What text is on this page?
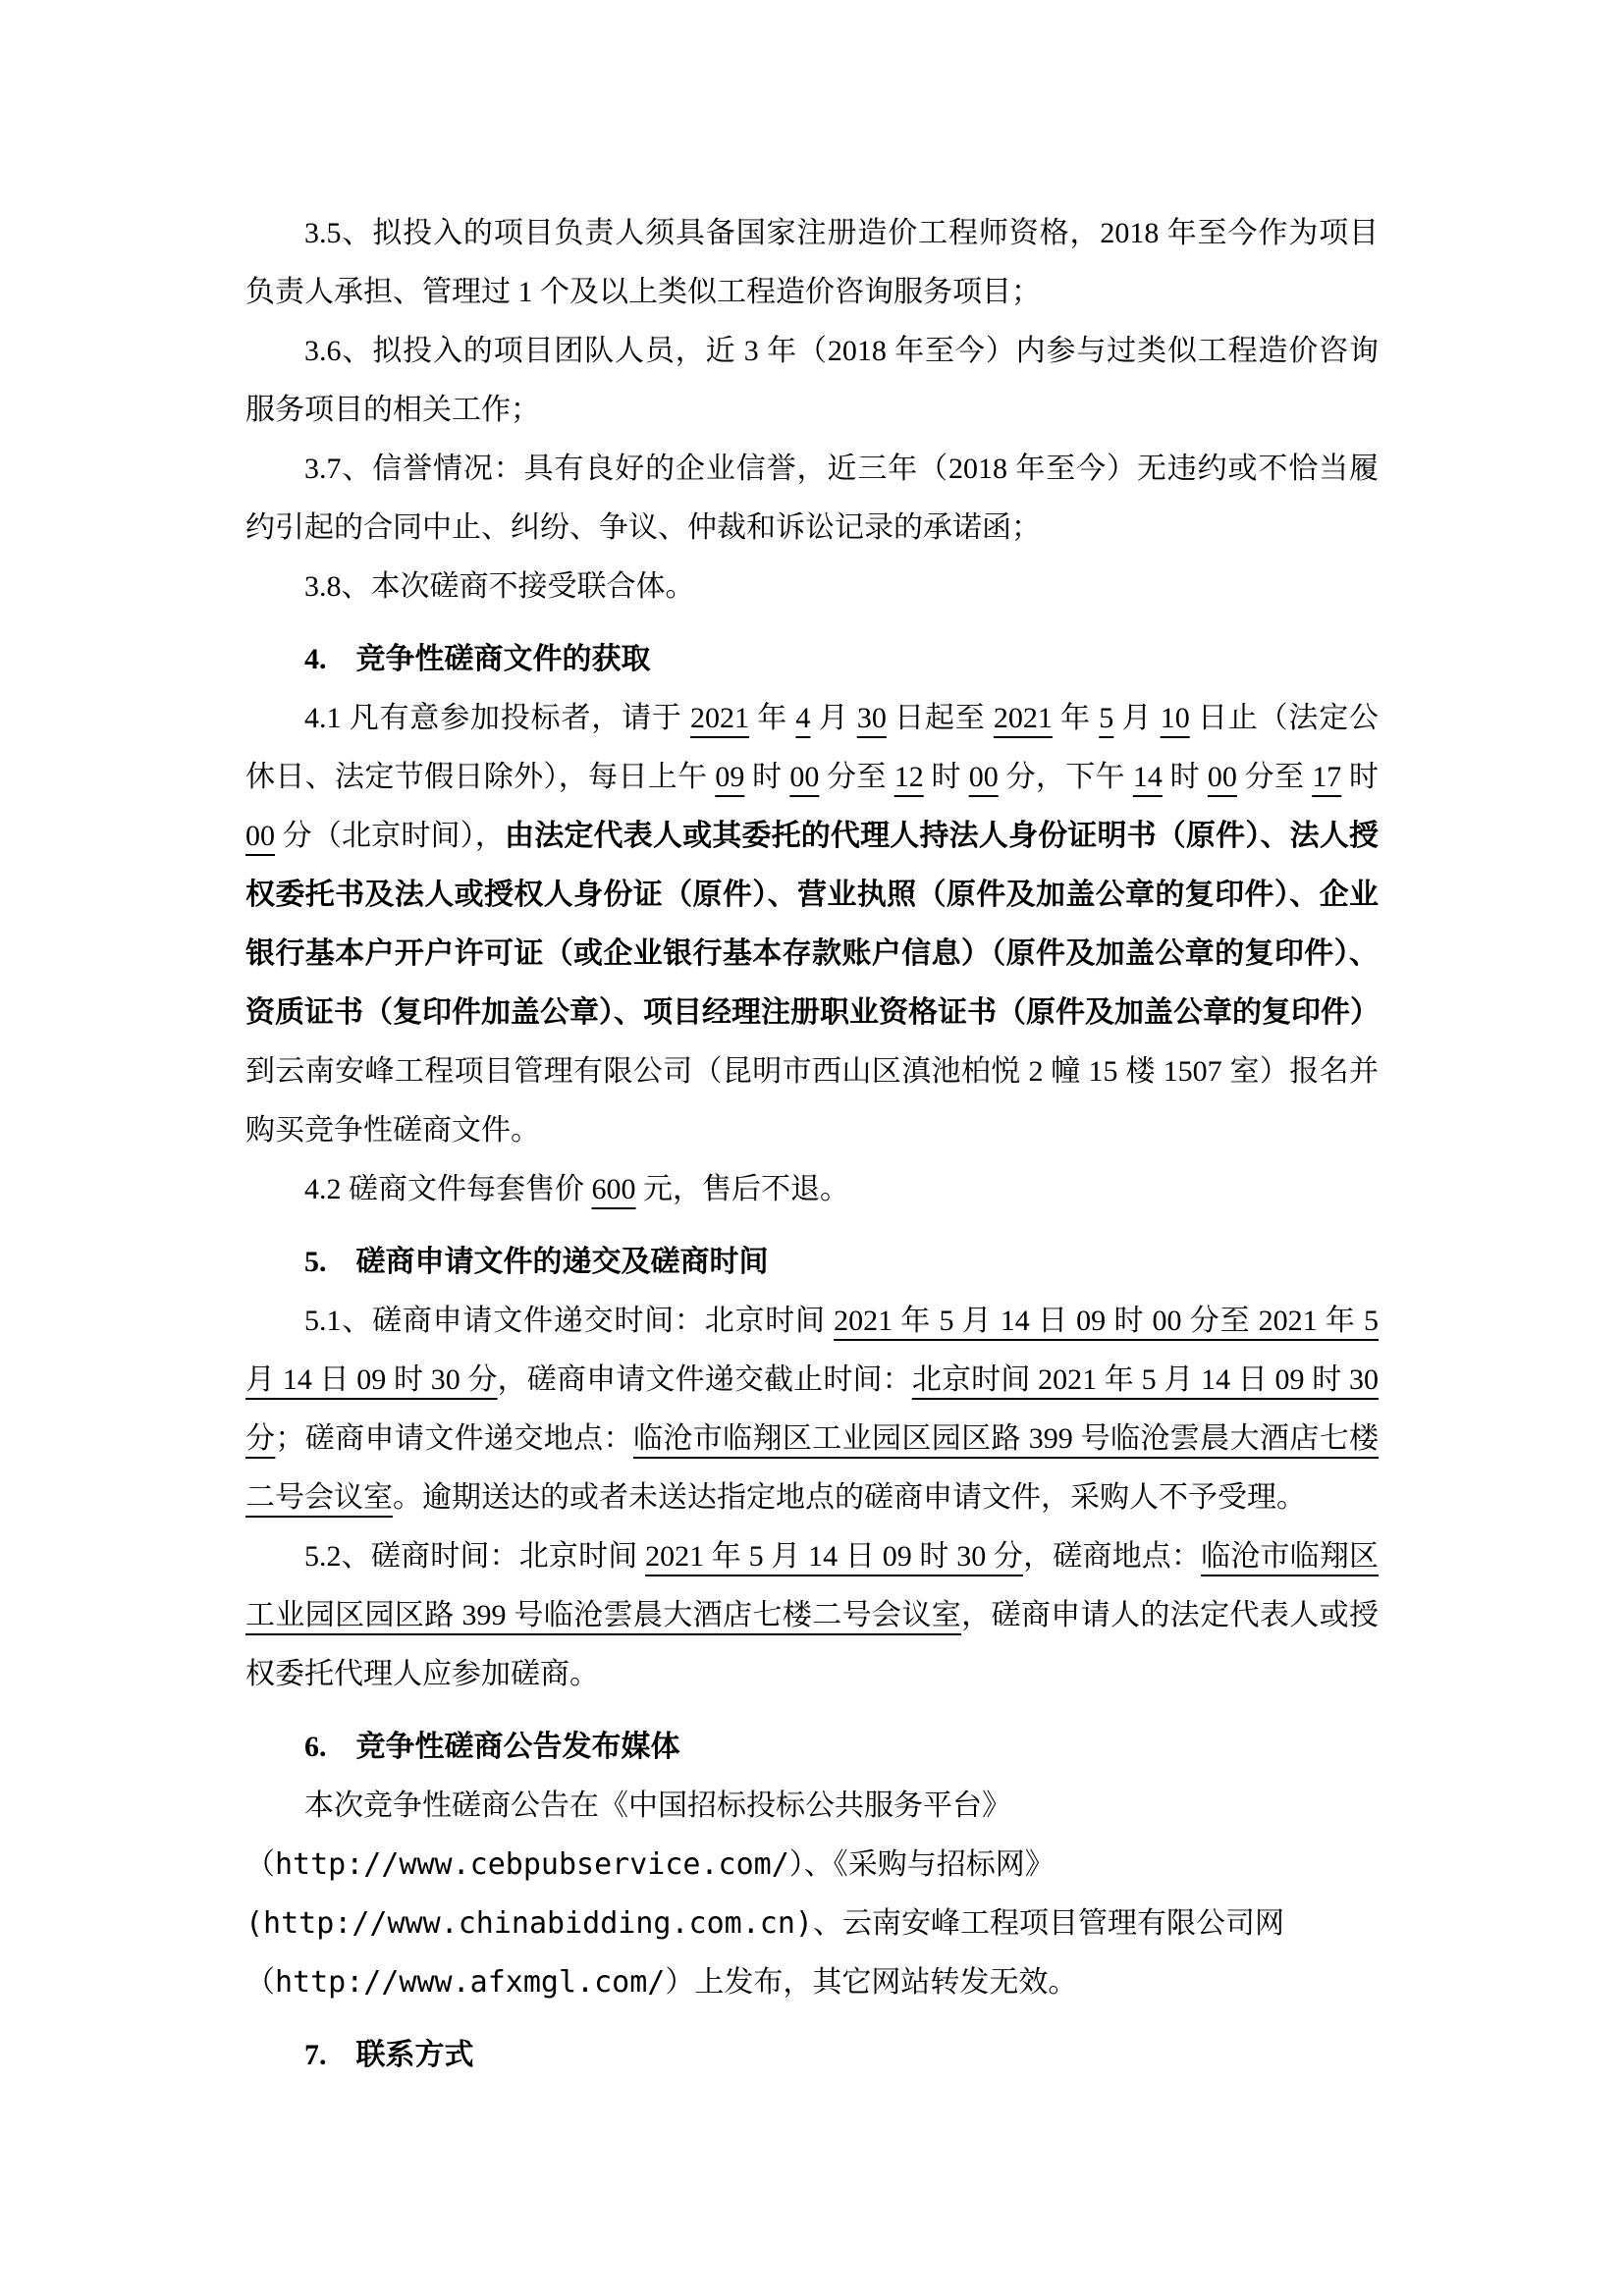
3.5、拟投入的项目负责人须具备国家注册造价工程师资格，2018 年至今作为项目负责人承担、管理过 1 个及以上类似工程造价咨询服务项目；

3.6、拟投入的项目团队人员，近 3 年（2018 年至今）内参与过类似工程造价咨询服务项目的相关工作；

3.7、信誉情况：具有良好的企业信誉，近三年（2018 年至今）无违约或不恰当履约引起的合同中止、纠纷、争议、仲裁和诉讼记录的承诺函；

3.8、本次磋商不接受联合体。

4.　竞争性磋商文件的获取

4.1 凡有意参加投标者，请于 2021 年 4 月 30 日起至 2021 年 5 月 10 日止（法定公休日、法定节假日除外），每日上午 09 时 00 分至 12 时 00 分，下午 14 时 00 分至 17 时 00 分（北京时间），由法定代表人或其委托的代理人持法人身份证明书（原件）、法人授权委托书及法人或授权人身份证（原件）、营业执照（原件及加盖公章的复印件）、企业银行基本户开户许可证（或企业银行基本存款账户信息）（原件及加盖公章的复印件）、资质证书（复印件加盖公章）、项目经理注册职业资格证书（原件及加盖公章的复印件）到云南安峰工程项目管理有限公司（昆明市西山区滇池柏悦 2 幢 15 楼 1507 室）报名并购买竞争性磋商文件。

4.2 磋商文件每套售价 600 元，售后不退。

5.　磋商申请文件的递交及磋商时间

5.1、磋商申请文件递交时间：北京时间 2021 年 5 月 14 日 09 时 00 分至 2021 年 5 月 14 日 09 时 30 分，磋商申请文件递交截止时间：北京时间 2021 年 5 月 14 日 09 时 30 分；磋商申请文件递交地点：临沧市临翔区工业园区园区路 399 号临沧雲晨大酒店七楼二号会议室。逾期送达的或者未送达指定地点的磋商申请文件，采购人不予受理。

5.2、磋商时间：北京时间 2021 年 5 月 14 日 09 时 30 分，磋商地点：临沧市临翔区工业园区园区路 399 号临沧雲晨大酒店七楼二号会议室，磋商申请人的法定代表人或授权委托代理人应参加磋商。

6.　竞争性磋商公告发布媒体

本次竞争性磋商公告在《中国招标投标公共服务平台》

（http://www.cebpubservice.com/）、《采购与招标网》

(http://www.chinabidding.com.cn)、云南安峰工程项目管理有限公司网

（http://www.afxmgl.com/）上发布，其它网站转发无效。

7.　联系方式
